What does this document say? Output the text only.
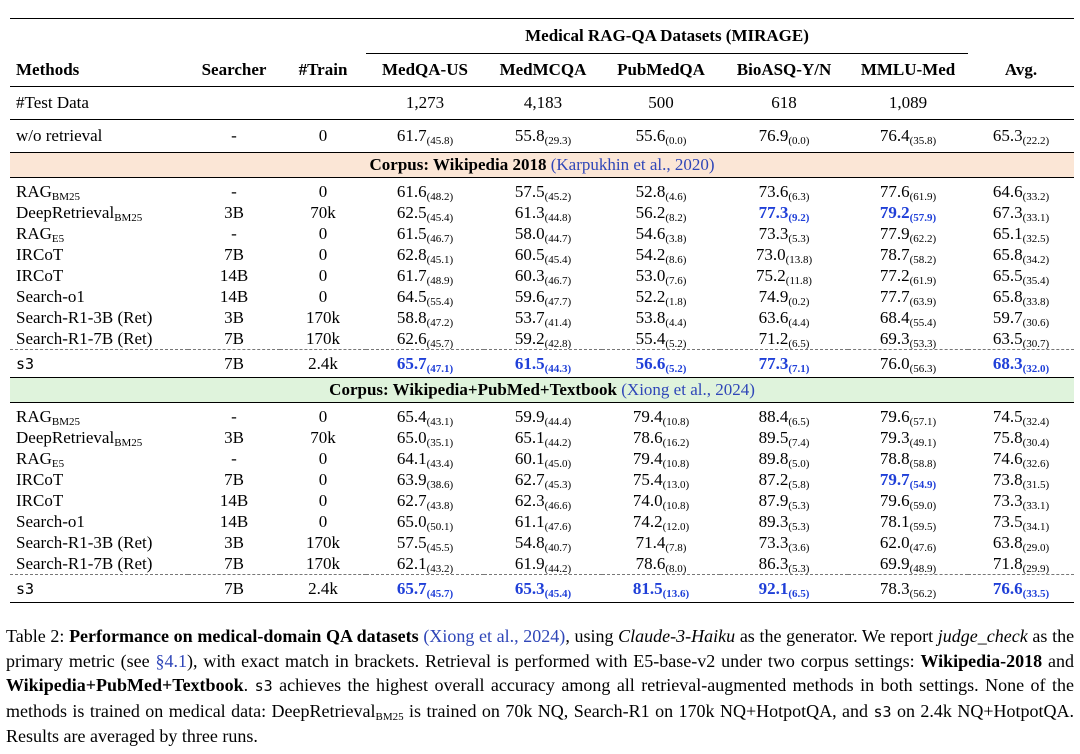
			Medical RAG-QA Datasets (MIRAGE)					
Methods	Searcher	#Train	MedQA-US	MedMCQA	PubMedQA	BioASQ-Y/N	MMLU-Med	Avg.
#Test Data			1,273	4,183	500	618	1,089	
w/o retrieval	-	0	$61.7_{(45.8)}$	$55.8_{(29.3)}$	$55.6_{(0.0)}$	$76.9_{(0.0)}$	$76.4_{(35.8)}$	$65.3_{(22.2)}$
Corpus: Wikipedia 2018 (Karpukhin et al., 2020)								
$RAG_{BM25}$	-	0	$61.6_{(48.2)}$	$57.5_{(45.2)}$	$52.8_{(4.6)}$	$73.6_{(6.3)}$	$77.6_{(61.9)}$	$64.6_{(33.2)}$
DeepRetrieval$_{BM25}$	3B	70k	$62.5_{(45.4)}$	$61.3_{(44.8)}$	$56.2_{(8.2)}$	$77.3_{(9.2)}$	$79.2_{(57.9)}$	$67.3_{(33.1)}$
$RAG_{E5}$	-	0	$61.5_{(46.7)}$	$58.0_{(44.7)}$	$54.6_{(3.8)}$	$73.3_{(5.3)}$	$77.9_{(62.2)}$	$65.1_{(32.5)}$
IRCoT	7B	0	$62.8_{(45.1)}$	$60.5_{(45.4)}$	$54.2_{(8.6)}$	$73.0_{(13.8)}$	$78.7_{(58.2)}$	$65.8_{(34.2)}$
IRCoT	14B	0	$61.7_{(48.9)}$	$60.3_{(46.7)}$	$53.0_{(7.6)}$	$75.2_{(11.8)}$	$77.2_{(61.9)}$	$65.5_{(35.4)}$
Search-o1	14B	0	$64.5_{(55.4)}$	$59.6_{(47.7)}$	$52.2_{(1.8)}$	$74.9_{(0.2)}$	$77.7_{(63.9)}$	$65.8_{(33.8)}$
Search-R1-3B (Ret)	3B	170k	$58.8_{(47.2)}$	$53.7_{(41.4)}$	$53.8_{(4.4)}$	$63.6_{(4.4)}$	$68.4_{(55.4)}$	$59.7_{(30.6)}$
Search-R1-7B (Ret)	7B	170k	$62.6_{(45.7)}$	$59.2_{(42.8)}$	$55.4_{(5.2)}$	$71.2_{(6.5)}$	$69.3_{(53.3)}$	$63.5_{(30.7)}$
s3	7B	2.4k	$65.7_{(47.1)}$	$61.5_{(44.3)}$	$56.6_{(5.2)}$	$77.3_{(7.1)}$	$76.0_{(56.3)}$	$68.3_{(32.0)}$
Corpus: Wikipedia+PubMed+Textbook (Xiong et al., 2024)								
$RAG_{BM25}$	-	0	$65.4_{(43.1)}$	$59.9_{(44.4)}$	$79.4_{(10.8)}$	$88.4_{(6.5)}$	$79.6_{(57.1)}$	$74.5_{(32.4)}$
DeepRetrieval$_{BM25}$	3B	70k	$65.0_{(35.1)}$	$65.1_{(44.2)}$	$78.6_{(16.2)}$	$89.5_{(7.4)}$	$79.3_{(49.1)}$	$75.8_{(30.4)}$
$RAG_{E5}$	-	0	$64.1_{(43.4)}$	$60.1_{(45.0)}$	$79.4_{(10.8)}$	$89.8_{(5.0)}$	$78.8_{(58.8)}$	$74.6_{(32.6)}$
IRCoT	7B	0	$63.9_{(38.6)}$	$62.7_{(45.3)}$	$75.4_{(13.0)}$	$87.2_{(5.8)}$	$79.7_{(54.9)}$	$73.8_{(31.5)}$
IRCoT	14B	0	$62.7_{(43.8)}$	$62.3_{(46.6)}$	$74.0_{(10.8)}$	$87.9_{(5.3)}$	$79.6_{(59.0)}$	$73.3_{(33.1)}$
Search-o1	14B	0	$65.0_{(50.1)}$	$61.1_{(47.6)}$	$74.2_{(12.0)}$	$89.3_{(5.3)}$	$78.1_{(59.5)}$	$73.5_{(34.1)}$
Search-R1-3B (Ret)	3B	170k	$57.5_{(45.5)}$	$54.8_{(40.7)}$	$71.4_{(7.8)}$	$73.3_{(3.6)}$	$62.0_{(47.6)}$	$63.8_{(29.0)}$
Search-R1-7B (Ret)	7B	170k	$62.1_{(43.2)}$	$61.9_{(44.2)}$	$78.6_{(8.0)}$	$86.3_{(5.3)}$	$69.9_{(48.9)}$	$71.8_{(29.9)}$
s3	7B	2.4k	$65.7_{(45.7)}$	$65.3_{(45.4)}$	$81.5_{(13.6)}$	$92.1_{(6.5)}$	$78.3_{(56.2)}$	$76.6_{(33.5)}$
Table 2: Performance on medical-domain QA datasets (Xiong et al., 2024), using Claude-3-Haiku as the generator. We report judge_check as the primary metric (see §4.1), with exact match in brackets. Retrieval is performed with E5-base-v2 under two corpus settings: Wikipedia-2018 and Wikipedia+PubMed+Textbook. s3 achieves the highest overall accuracy among all retrieval-augmented methods in both settings. None of the methods is trained on medical data: DeepRetrieval$_{BM25}$ is trained on 70k NQ, Search-R1 on 170k NQ+HotpotQA, and s3 on 2.4k NQ+HotpotQA. Results are averaged by three runs.
